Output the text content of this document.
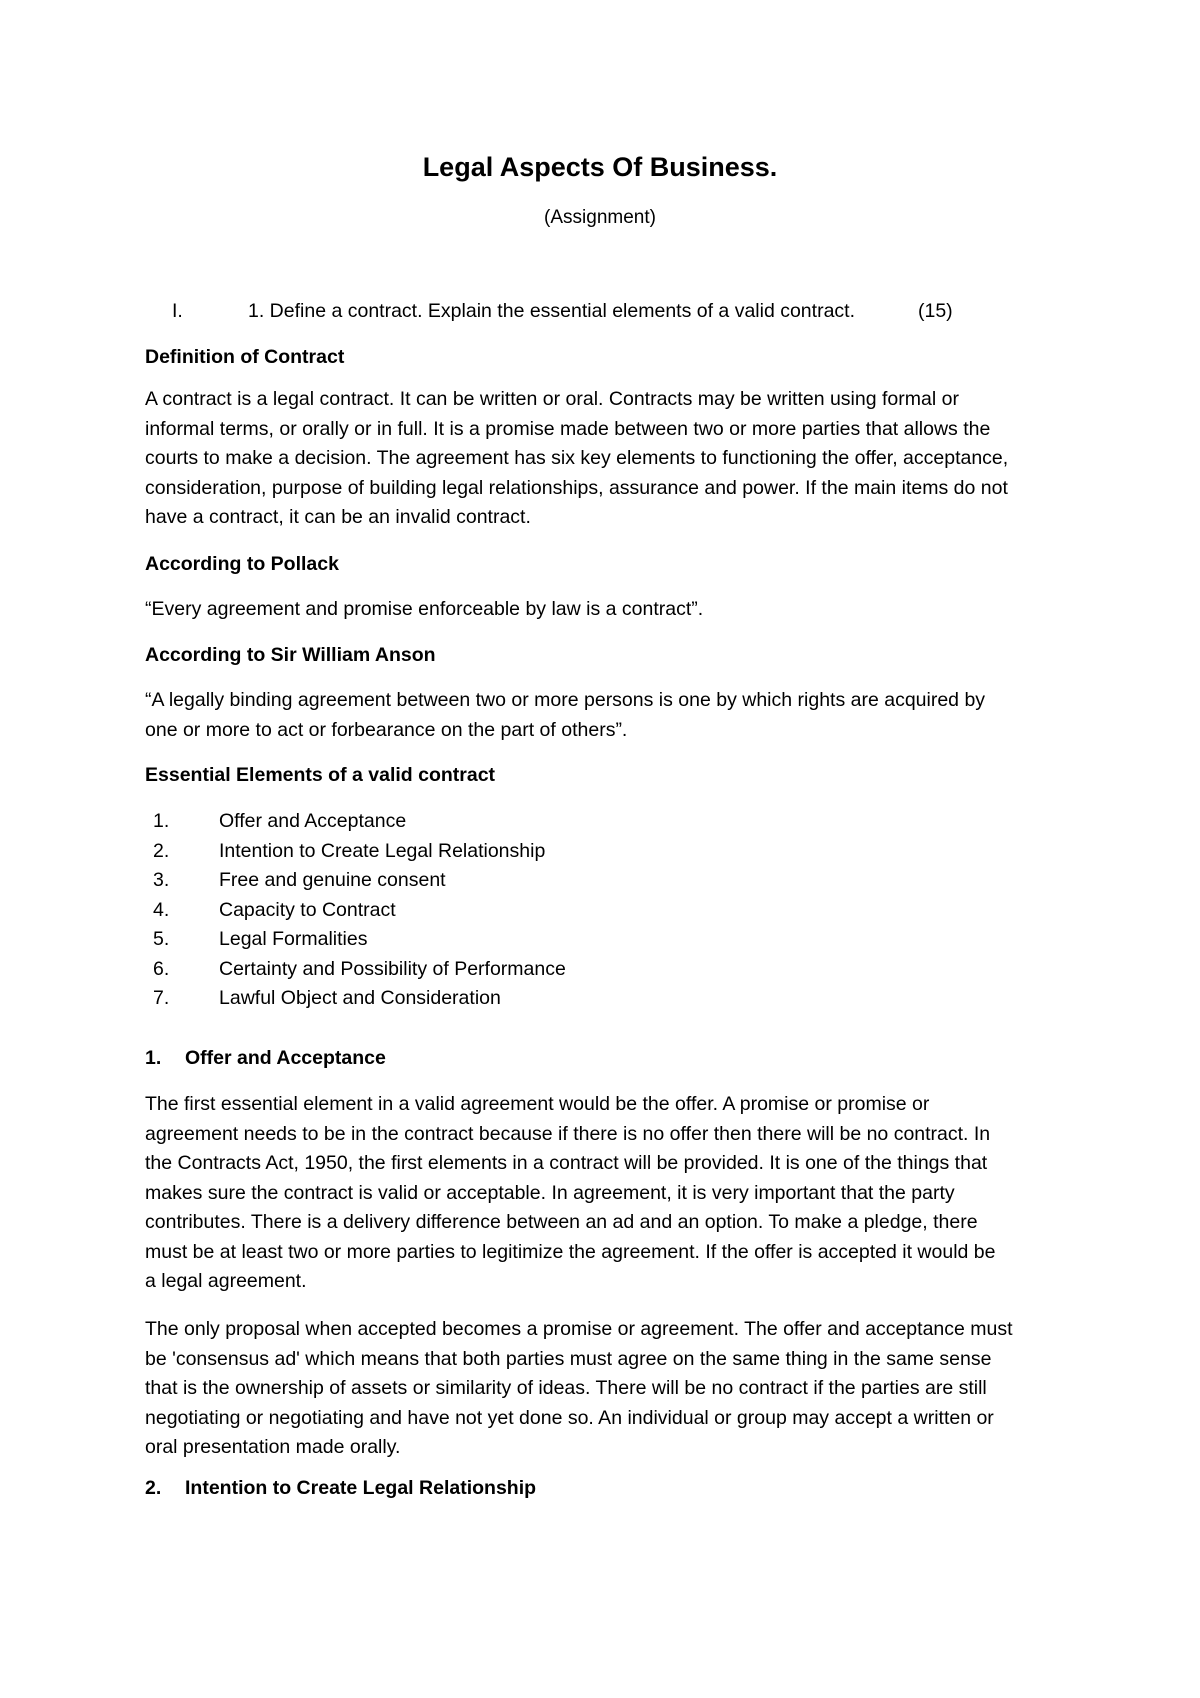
Legal Aspects Of Business.
(Assignment)
I.	1. Define a contract. Explain the essential elements of a valid contract.	(15)
Definition of Contract
A contract is a legal contract. It can be written or oral. Contracts may be written using formal or
informal terms, or orally or in full. It is a promise made between two or more parties that allows the
courts to make a decision. The agreement has six key elements to functioning the offer, acceptance,
consideration, purpose of building legal relationships, assurance and power. If the main items do not
have a contract, it can be an invalid contract.
According to Pollack
“Every agreement and promise enforceable by law is a contract”.
According to Sir William Anson
“A legally binding agreement between two or more persons is one by which rights are acquired by
one or more to act or forbearance on the part of others”.
Essential Elements of a valid contract
1.	Offer and Acceptance
2.	Intention to Create Legal Relationship
3.	Free and genuine consent
4.	Capacity to Contract
5.	Legal Formalities
6.	Certainty and Possibility of Performance
7.	Lawful Object and Consideration
1. Offer and Acceptance
The first essential element in a valid agreement would be the offer. A promise or promise or
agreement needs to be in the contract because if there is no offer then there will be no contract. In
the Contracts Act, 1950, the first elements in a contract will be provided. It is one of the things that
makes sure the contract is valid or acceptable. In agreement, it is very important that the party
contributes. There is a delivery difference between an ad and an option. To make a pledge, there
must be at least two or more parties to legitimize the agreement. If the offer is accepted it would be
a legal agreement.
The only proposal when accepted becomes a promise or agreement. The offer and acceptance must
be 'consensus ad' which means that both parties must agree on the same thing in the same sense
that is the ownership of assets or similarity of ideas. There will be no contract if the parties are still
negotiating or negotiating and have not yet done so. An individual or group may accept a written or
oral presentation made orally.
2. Intention to Create Legal Relationship
